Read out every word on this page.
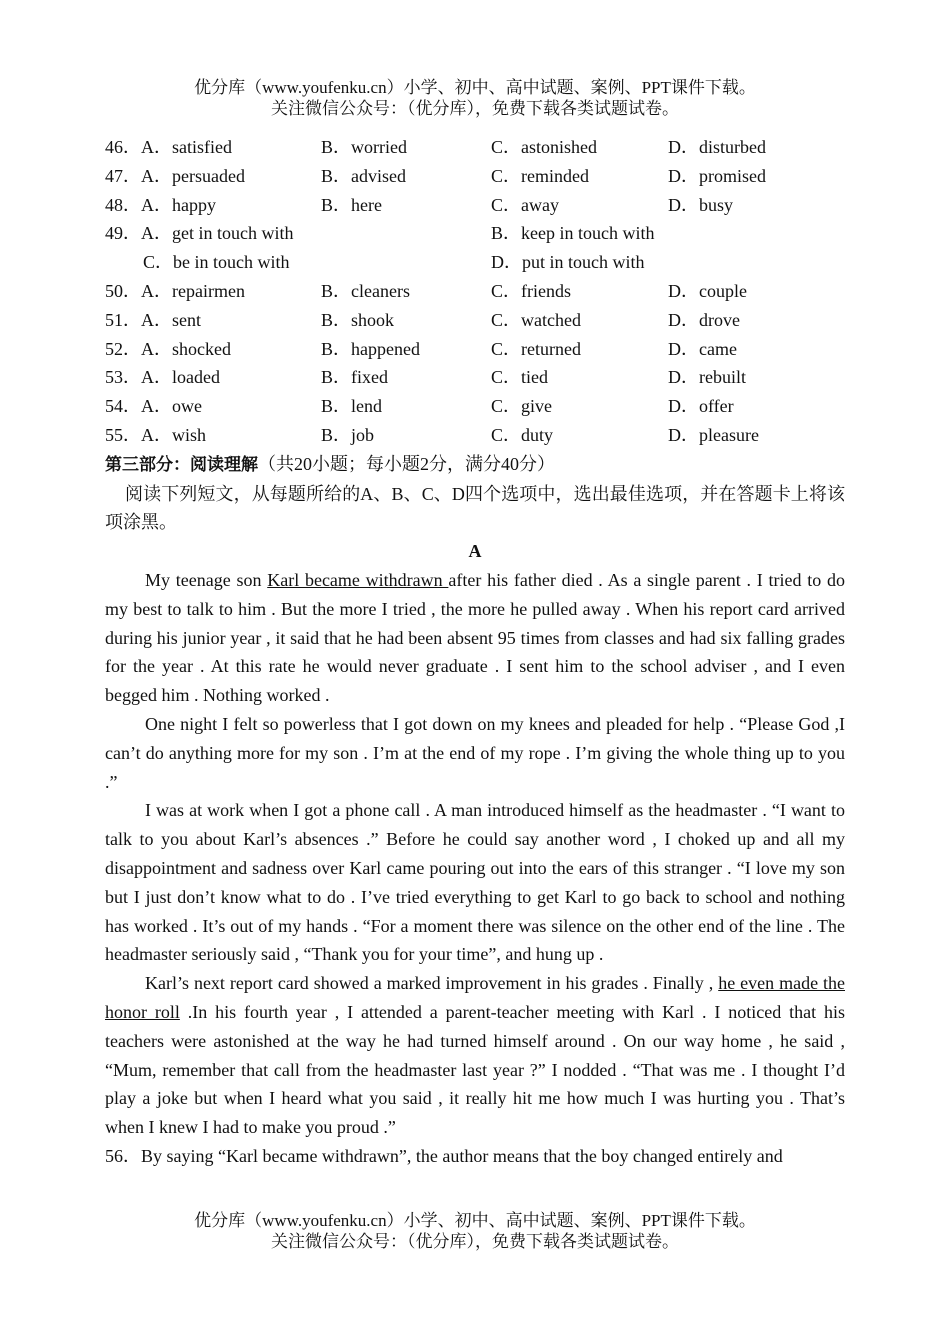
优分库（www.youfenku.cn）小学、初中、高中试题、案例、PPT课件下载。
关注微信公众号：（优分库），免费下载各类试题试卷。
46．A．satisfied	B．worried	C．astonished	D．disturbed
47．A．persuaded	B．advised	C．reminded	D．promised
48．A．happy	B．here	C．away	D．busy
49．A．get in touch with	B．keep in touch with
C．be in touch with	D．put in touch with
50．A．repairmen	B．cleaners	C．friends	D．couple
51．A．sent	B．shook	C．watched	D．drove
52．A．shocked	B．happened	C．returned	D．came
53．A．loaded	B．fixed	C．tied	D．rebuilt
54．A．owe	B．lend	C．give	D．offer
55．A．wish	B．job	C．duty	D．pleasure
第三部分：阅读理解（共20小题；每小题2分，满分40分）
阅读下列短文，从每题所给的A、B、C、D四个选项中，选出最佳选项，并在答题卡上将该项涂黑。
A

My teenage son Karl became withdrawn after his father died . As a single parent . I tried to do my best to talk to him . But the more I tried , the more he pulled away . When his report card arrived during his junior year , it said that he had been absent 95 times from classes and had six falling grades for the year . At this rate he would never graduate . I sent him to the school adviser , and I even begged him . Nothing worked .

One night I felt so powerless that I got down on my knees and pleaded for help . “Please God ,I can’t do anything more for my son . I’m at the end of my rope . I’m giving the whole thing up to you .”

I was at work when I got a phone call . A man introduced himself as the headmaster . “I want to talk to you about Karl’s absences .” Before he could say another word , I choked up and all my disappointment and sadness over Karl came pouring out into the ears of this stranger . “I love my son but I just don’t know what to do . I’ve tried everything to get Karl to go back to school and nothing has worked . It’s out of my hands . “For a moment there was silence on the other end of the line . The headmaster seriously said , “Thank you for your time”, and hung up .

Karl’s next report card showed a marked improvement in his grades . Finally , he even made the honor roll .In his fourth year , I attended a parent-teacher meeting with Karl . I noticed that his teachers were astonished at the way he had turned himself around . On our way home , he said , “Mum, remember that call from the headmaster last year ?” I nodded . “That was me . I thought I’d play a joke but when I heard what you said , it really hit me how much I was hurting you . That’s when I knew I had to make you proud .”

56．By saying “Karl became withdrawn”, the author means that the boy changed entirely and
优分库（www.youfenku.cn）小学、初中、高中试题、案例、PPT课件下载。
关注微信公众号：（优分库），免费下载各类试题试卷。
